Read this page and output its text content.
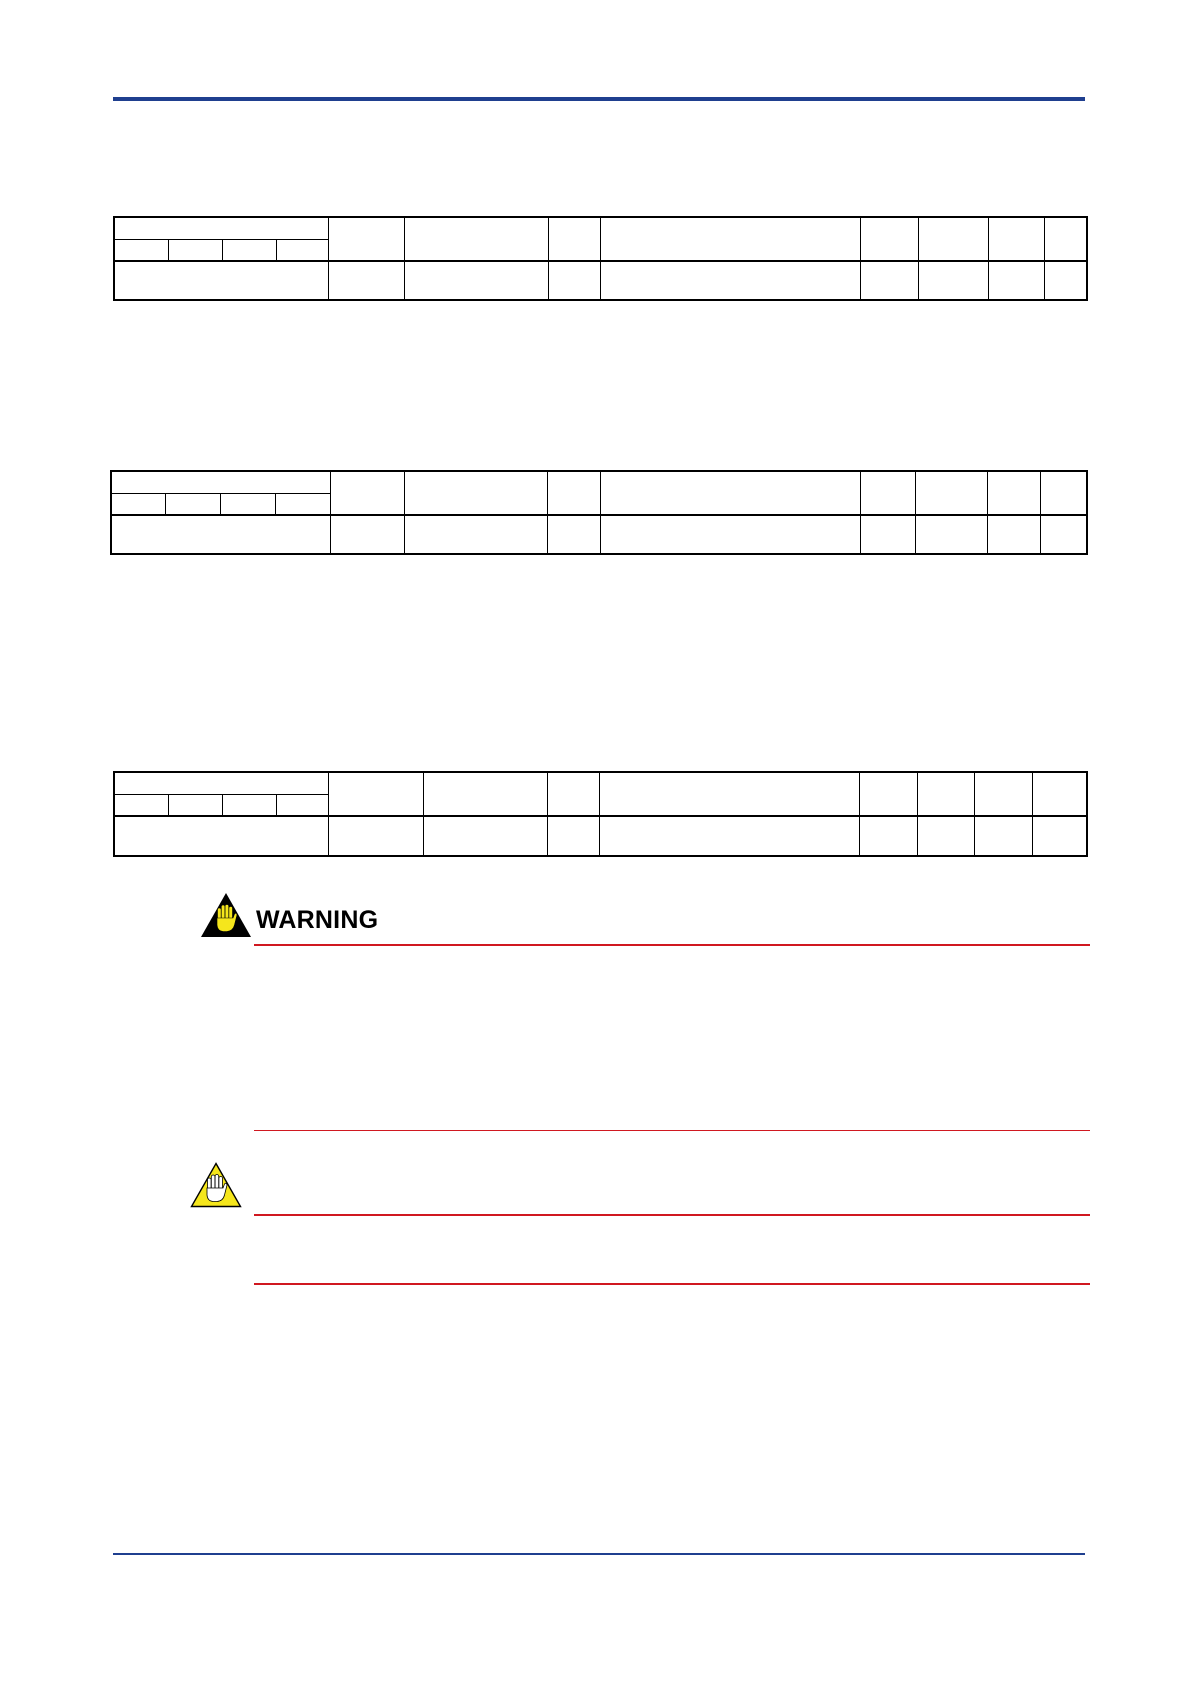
WARNING
